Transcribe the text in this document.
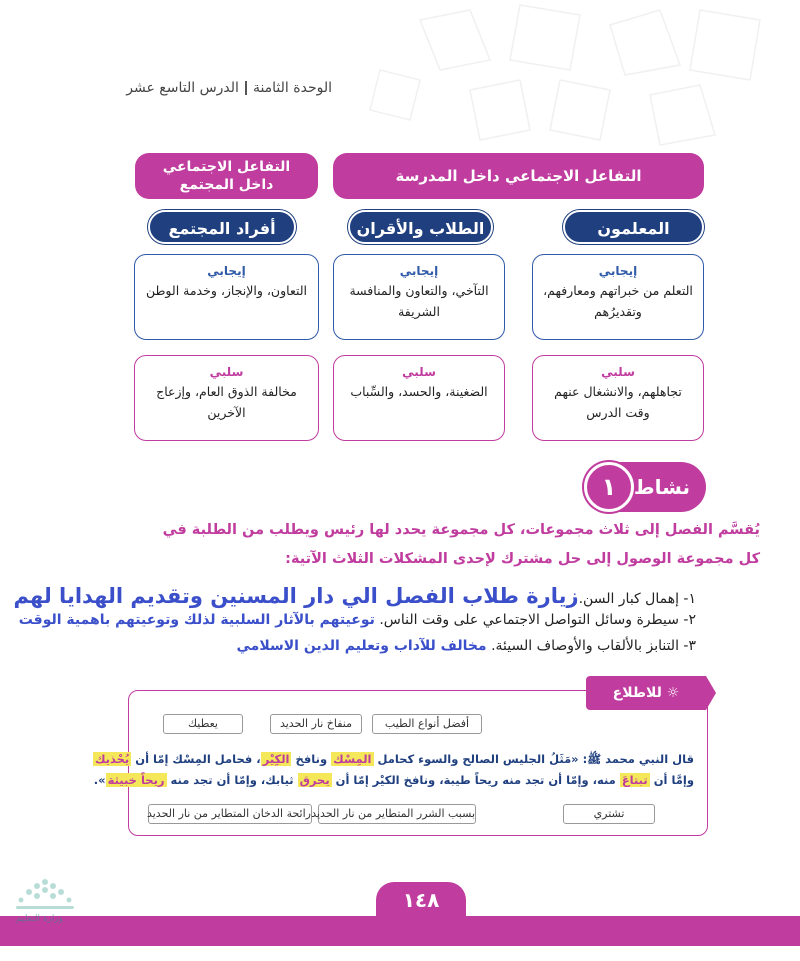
الوحدة الثامنةالدرس التاسع عشر
التفاعل الاجتماعي داخل المدرسة
التفاعل الاجتماعي
داخل المجتمع
المعلمون
الطلاب والأقران
أفراد المجتمع
إيجابي
التعلم من خبراتهم ومعارفهم، وتقديرُهم
إيجابي
التآخي، والتعاون والمنافسة الشريفة
إيجابي
التعاون، والإنجاز، وخدمة الوطن
سلبي
تجاهلهم، والانشغال عنهم وقت الدرس
سلبي
الضغينة، والحسد، والسِّباب
سلبي
مخالفة الذوق العام، وإزعاج الآخرين
١ نشاط
يُقسَّم الفصل إلى ثلاث مجموعات، كل مجموعة يحدد لها رئيس ويطلب من الطلبة في
كل مجموعة الوصول إلى حل مشترك لإحدى المشكلات الثلاث الآتية:
١- إهمال كبار السن.زيارة طلاب الفصل الي دار المسنين وتقديم الهدايا لهم
٢- سيطرة وسائل التواصل الاجتماعي على وقت الناس. توعيتهم بالآثار السلبية لذلك وتوعيتهم باهمية الوقت
٣- التنابز بالألقاب والأوصاف السيئة. مخالف للآداب وتعليم الدين الاسلامي
☼ للاطلاع
يعطيك	منفاخ نار الحديد	أفضل أنواع الطيب
قال النبي محمد ﷺ: «مَثَلُ الجليس الصالح والسوء كحامل المِسْك ونافخ الكِيْر، فحامل المِسْك إمّا أن يُحْذيك
وإمَّا أن تبتاعَ منه، وإمّا أن تجد منه ريحاً طيبة، ونافخ الكيْر إمّا أن يحرق ثيابك، وإمّا أن تجد منه ريحاً خبيثة».
رائحة الدخان المتطاير من نار الحديد بسبب الشرر المتطاير من نار الحديد	تشتري
١٤٨
وزارة التعليم
